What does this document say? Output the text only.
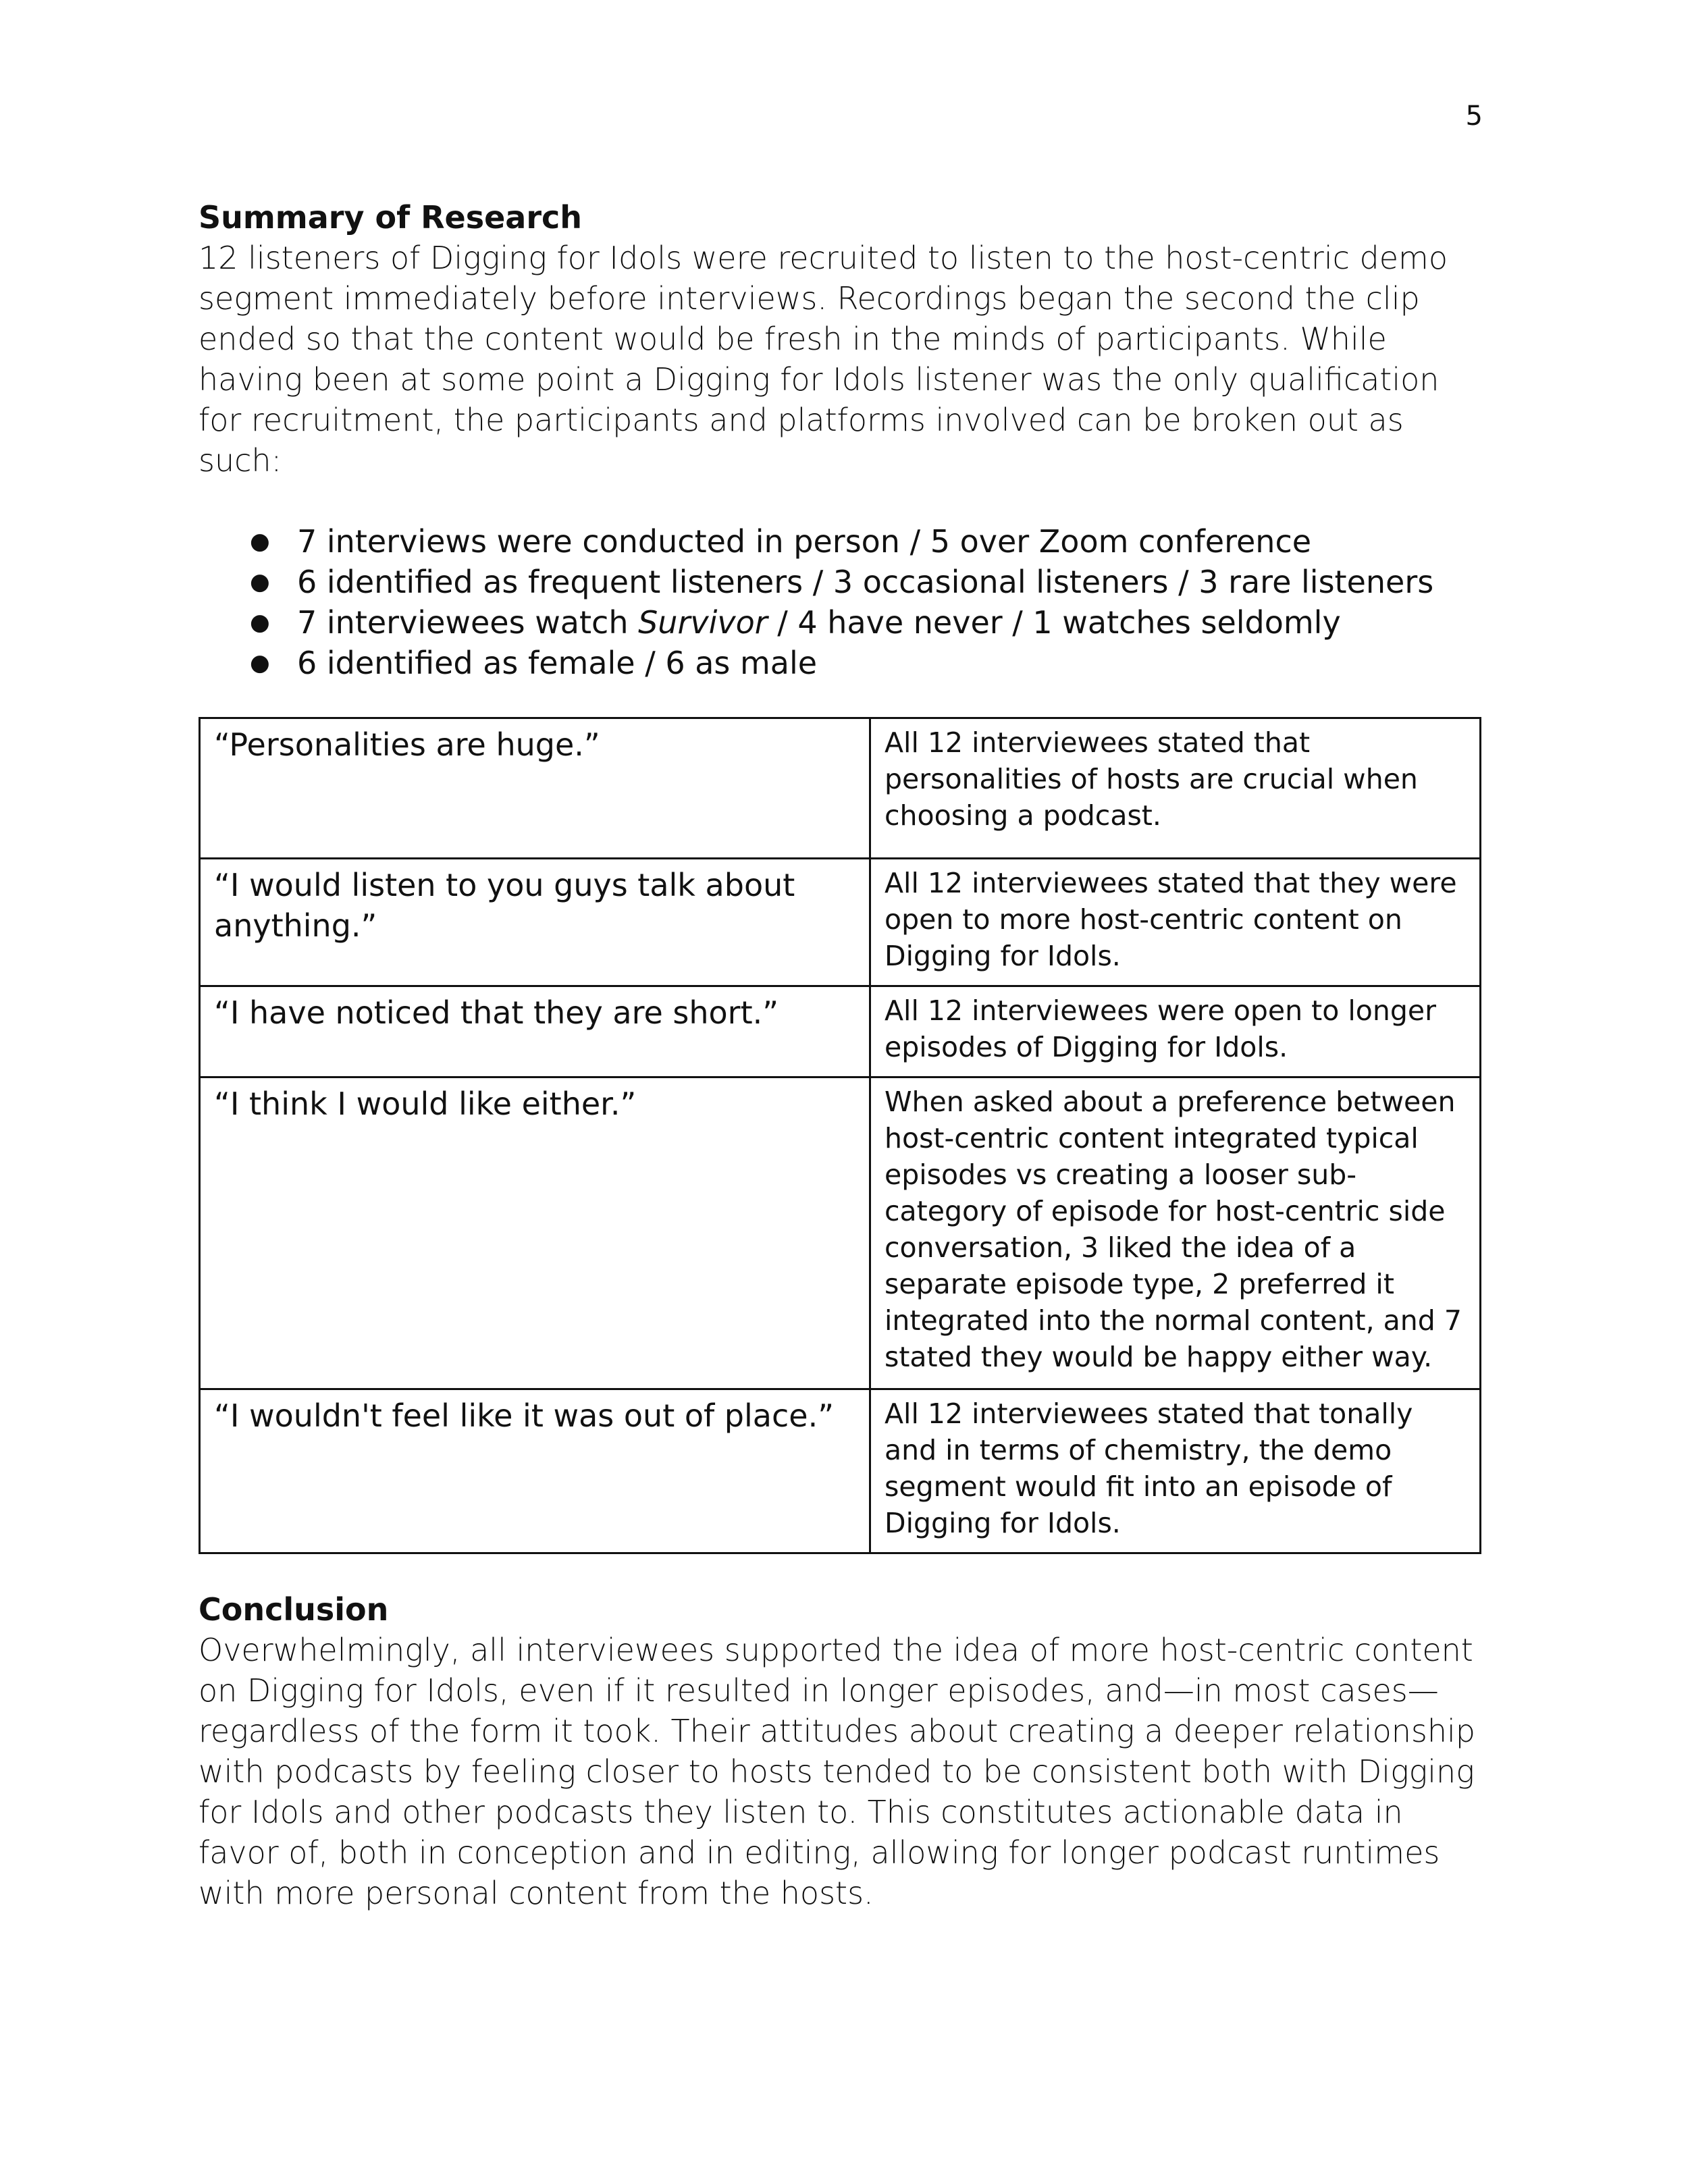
5
Summary of Research

12 listeners of Digging for Idols were recruited to listen to the host-centric demo segment immediately before interviews. Recordings began the second the clip ended so that the content would be fresh in the minds of participants. While having been at some point a Digging for Idols listener was the only qualification for recruitment, the participants and platforms involved can be broken out as such:

● 7 interviews were conducted in person / 5 over Zoom conference
● 6 identified as frequent listeners / 3 occasional listeners / 3 rare listeners
● 7 interviewees watch Survivor / 4 have never / 1 watches seldomly
● 6 identified as female / 6 as male
“Personalities are huge.”	All 12 interviewees stated that personalities of hosts are crucial when choosing a podcast.
“I would listen to you guys talk about anything.”	All 12 interviewees stated that they were open to more host-centric content on Digging for Idols.
“I have noticed that they are short.”	All 12 interviewees were open to longer episodes of Digging for Idols.
“I think I would like either.”	When asked about a preference between host-centric content integrated typical episodes vs creating a looser sub-category of episode for host-centric side conversation, 3 liked the idea of a separate episode type, 2 preferred it integrated into the normal content, and 7 stated they would be happy either way.
“I wouldn't feel like it was out of place.”	All 12 interviewees stated that tonally and in terms of chemistry, the demo segment would fit into an episode of Digging for Idols.
Conclusion

Overwhelmingly, all interviewees supported the idea of more host-centric content on Digging for Idols, even if it resulted in longer episodes, and—in most cases—regardless of the form it took. Their attitudes about creating a deeper relationship with podcasts by feeling closer to hosts tended to be consistent both with Digging for Idols and other podcasts they listen to. This constitutes actionable data in favor of, both in conception and in editing, allowing for longer podcast runtimes with more personal content from the hosts.
